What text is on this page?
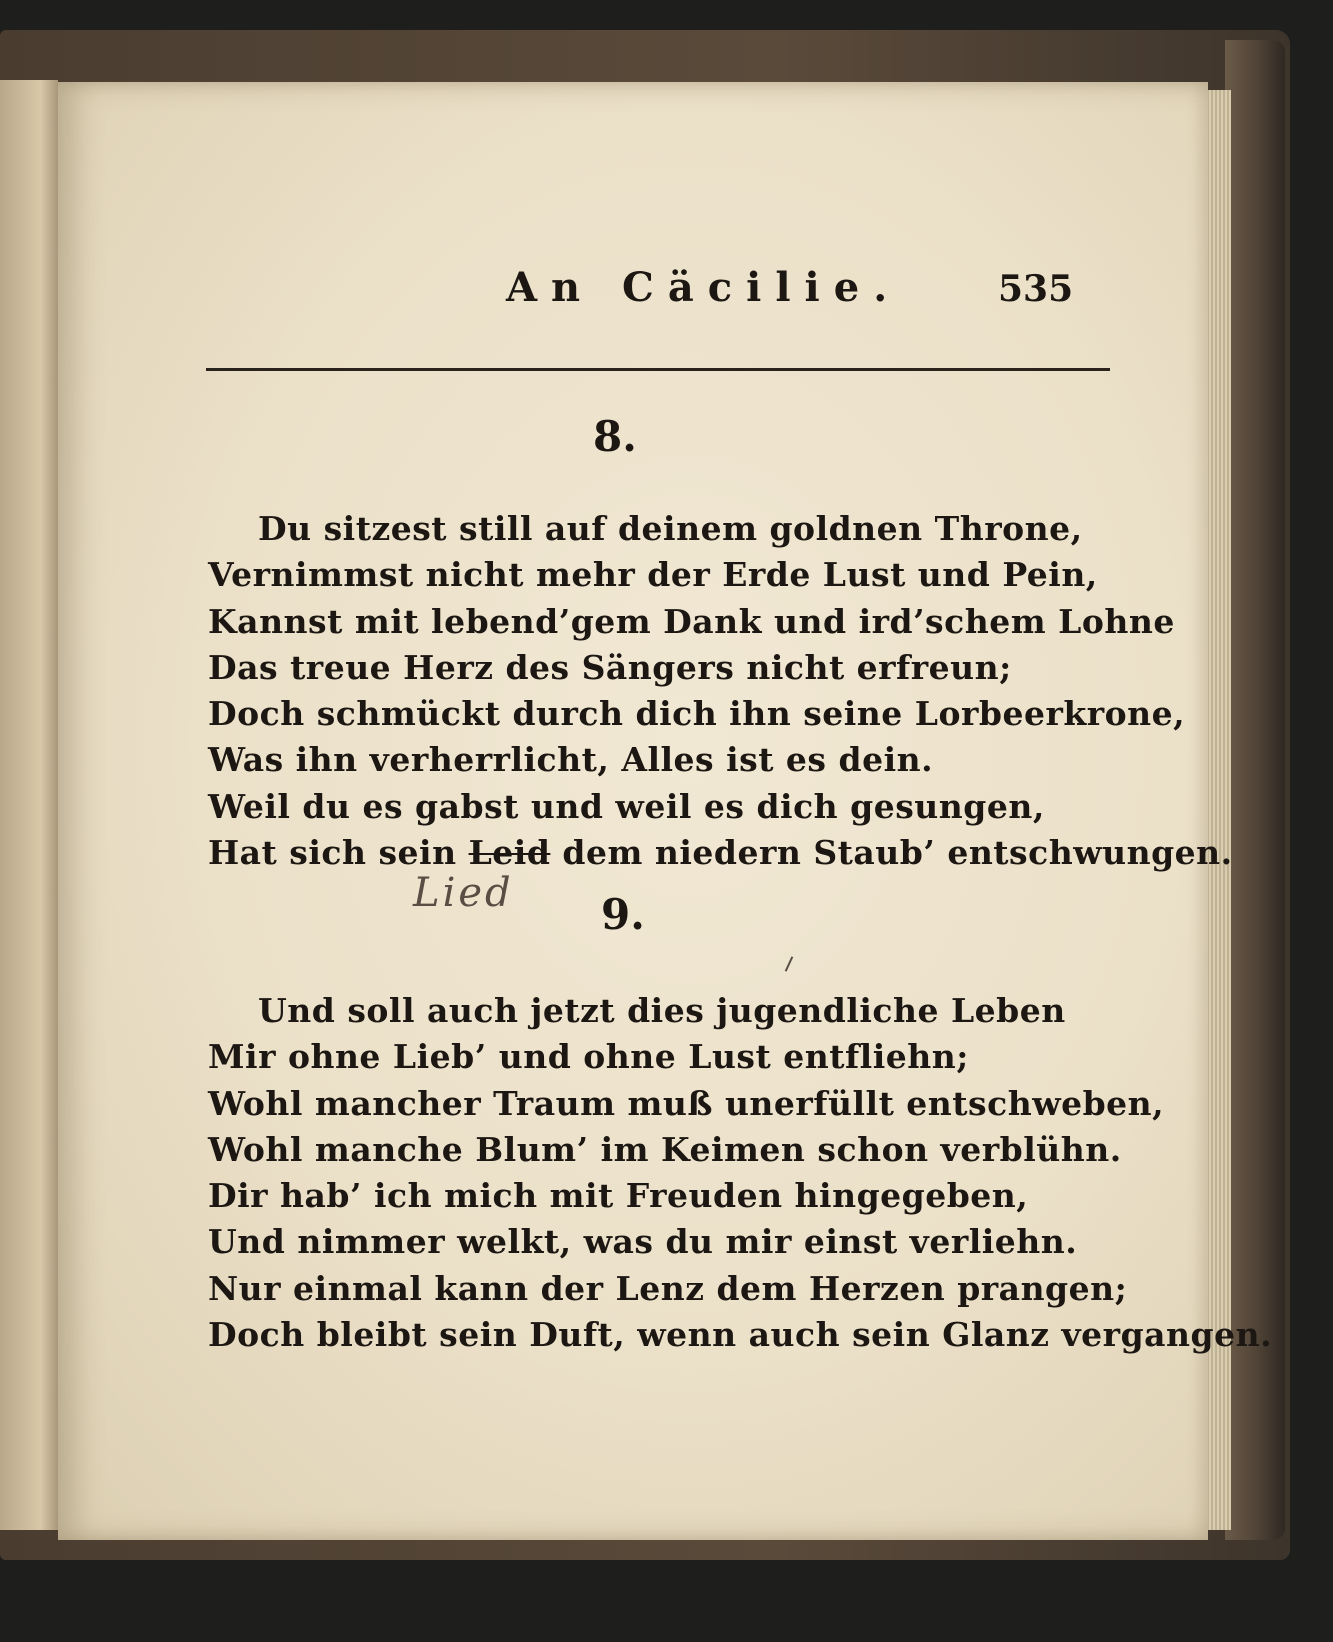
An Cäcilie.	535
8.
Du sitzest still auf deinem goldnen Throne,
Vernimmst nicht mehr der Erde Lust und Pein,
Kannst mit lebend’gem Dank und ird’schem Lohne
Das treue Herz des Sängers nicht erfreun;
Doch schmückt durch dich ihn seine Lorbeerkrone,
Was ihn verherrlicht, Alles ist es dein.
Weil du es gabst und weil es dich gesungen,
Hat sich sein Leid dem niedern Staub’ entschwungen.
Lied 9.
Und soll auch jetzt dies jugendliche Leben
Mir ohne Lieb’ und ohne Lust entfliehn;
Wohl mancher Traum muß unerfüllt entschweben,
Wohl manche Blum’ im Keimen schon verblühn.
Dir hab’ ich mich mit Freuden hingegeben,
Und nimmer welkt, was du mir einst verliehn.
Nur einmal kann der Lenz dem Herzen prangen;
Doch bleibt sein Duft, wenn auch sein Glanz vergangen.
